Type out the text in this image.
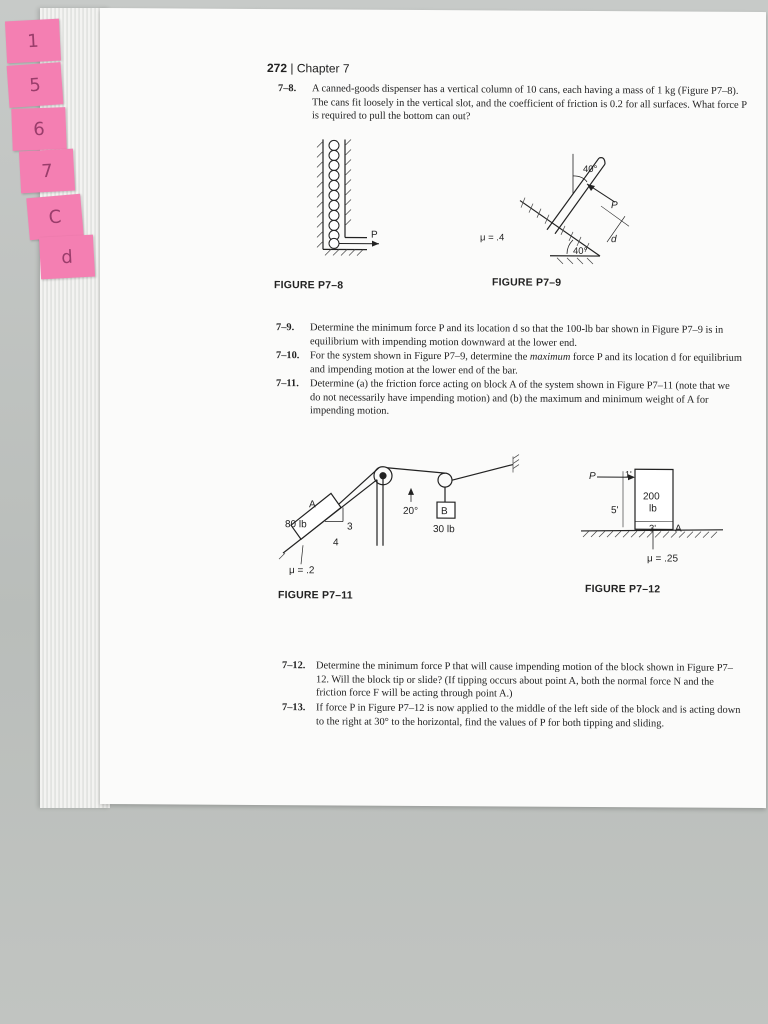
1
5
6
7
C
d
272 | Chapter 7
7–8. A canned-goods dispenser has a vertical column of 10 cans, each having a mass of 1 kg (Figure P7–8). The cans fit loosely in the vertical slot, and the coefficient of friction is 0.2 for all surfaces. What force P is required to pull the bottom can out?
P
FIGURE P7–8
40°
P
d
μ = .4
40°
FIGURE P7–9
7–9. Determine the minimum force P and its location d so that the 100-lb bar shown in Figure P7–9 is in equilibrium with impending motion downward at the lower end.
7–10. For the system shown in Figure P7–9, determine the maximum force P and its location d for equilibrium and impending motion at the lower end of the bar.
7–11. Determine (a) the friction force acting on block A of the system shown in Figure P7–11 (note that we do not necessarily have impending motion) and (b) the maximum and minimum weight of A for impending motion.
A
80 lb	3
4
20° B
30 lb
μ = .2
FIGURE P7–11
P	1'
5'
200
lb
3' A
μ = .25
FIGURE P7–12
7–12. Determine the minimum force P that will cause impending motion of the block shown in Figure P7–12. Will the block tip or slide? (If tipping occurs about point A, both the normal force N and the friction force F will be acting through point A.)
7–13. If force P in Figure P7–12 is now applied to the middle of the left side of the block and is acting down to the right at 30° to the horizontal, find the values of P for both tipping and sliding.
